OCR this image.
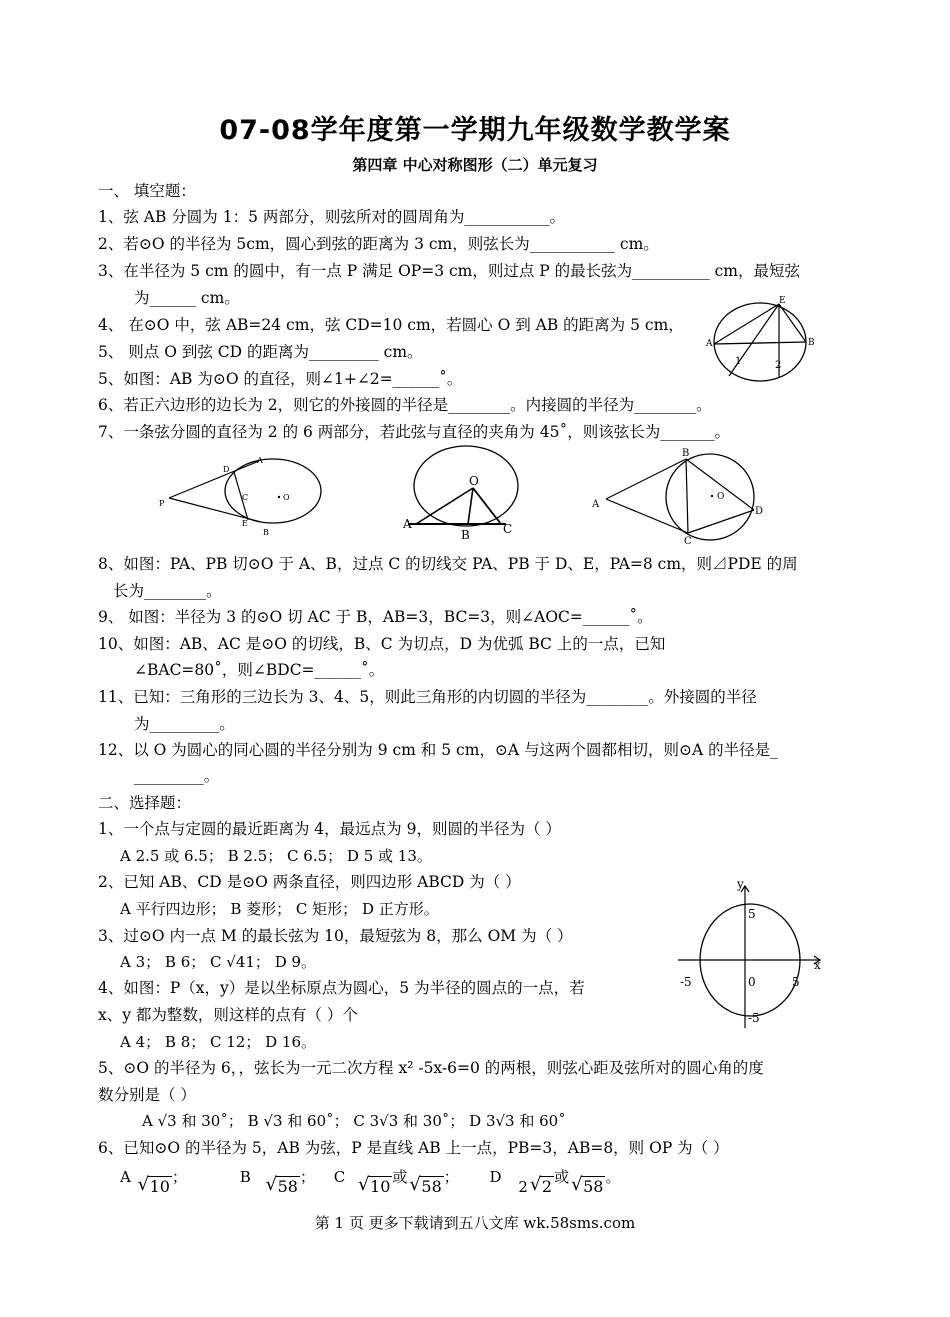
07-08学年度第一学期九年级数学教学案
第四章 中心对称图形（二）单元复习
一、 填空题：
1、弦 AB 分圆为 1：5 两部分，则弦所对的圆周角为___________。
2、若⊙O 的半径为 5cm，圆心到弦的距离为 3 cm，则弦长为___________ cm。
3、在半径为 5 cm 的圆中，有一点 P 满足 OP=3 cm，则过点 P 的最长弦为__________ cm，最短弦
为______ cm。
4、 在⊙O 中，弦 AB=24 cm，弦 CD=10 cm，若圆心 O 到 AB 的距离为 5 cm，
5、 则点 O 到弦 CD 的距离为_________ cm。
5、如图：AB 为⊙O 的直径，则∠1+∠2=______˚。
6、若正六边形的边长为 2，则它的外接圆的半径是________。内接圆的半径为________。
7、一条弦分圆的直径为 2 的 6 两部分，若此弦与直径的夹角为 45˚，则该弦长为_______。
A	B
E
1	2
P
A
D
C	O
E
B
O
A
B	C
A
B
C
O
D
8、如图：PA、PB 切⊙O 于 A、B，过点 C 的切线交 PA、PB 于 D、E，PA=8 cm，则⊿PDE 的周
长为________。
9、 如图：半径为 3 的⊙O 切 AC 于 B，AB=3，BC=3，则∠AOC=______˚。
10、如图：AB、AC 是⊙O 的切线，B、C 为切点，D 为优弧 BC 上的一点，已知
∠BAC=80˚，则∠BDC=______˚。
11、已知：三角形的三边长为 3、4、5，则此三角形的内切圆的半径为________。外接圆的半径
为_________。
12、以 O 为圆心的同心圆的半径分别为 9 cm 和 5 cm，⊙A 与这两个圆都相切，则⊙A 的半径是_
_________。
二、选择题：
1、一个点与定圆的最近距离为 4，最远点为 9，则圆的半径为（ ）
A 2.5 或 6.5； B 2.5； C 6.5； D 5 或 13。
2、已知 AB、CD 是⊙O 两条直径，则四边形 ABCD 为（ ）
A 平行四边形； B 菱形； C 矩形； D 正方形。
3、过⊙O 内一点 M 的最长弦为 10，最短弦为 8，那么 OM 为（ ）
A 3； B 6； C √41； D 9。
4、如图：P（x，y）是以坐标原点为圆心，5 为半径的圆点的一点，若
x、y 都为整数，则这样的点有（ ）个
A 4； B 8； C 12； D 16。
y
x
5
-5	0	5
-5
5、⊙O 的半径为 6，，弦长为一元二次方程 x² -5x-6=0 的两根，则弦心距及弦所对的圆心角的度
数分别是（ ）
A √3 和 30˚； B √3 和 60˚； C 3√3 和 30˚； D 3√3 和 60˚
6、已知⊙O 的半径为 5，AB 为弦，P 是直线 AB 上一点，PB=3，AB=8，则 OP 为（ ）
A √ 10 ；	B √ 58 ； C √ 10 或 √ 58 ； D 2 √ 2 或 √ 58 。
第 1 页 更多下载请到五八文库 wk.58sms.com
